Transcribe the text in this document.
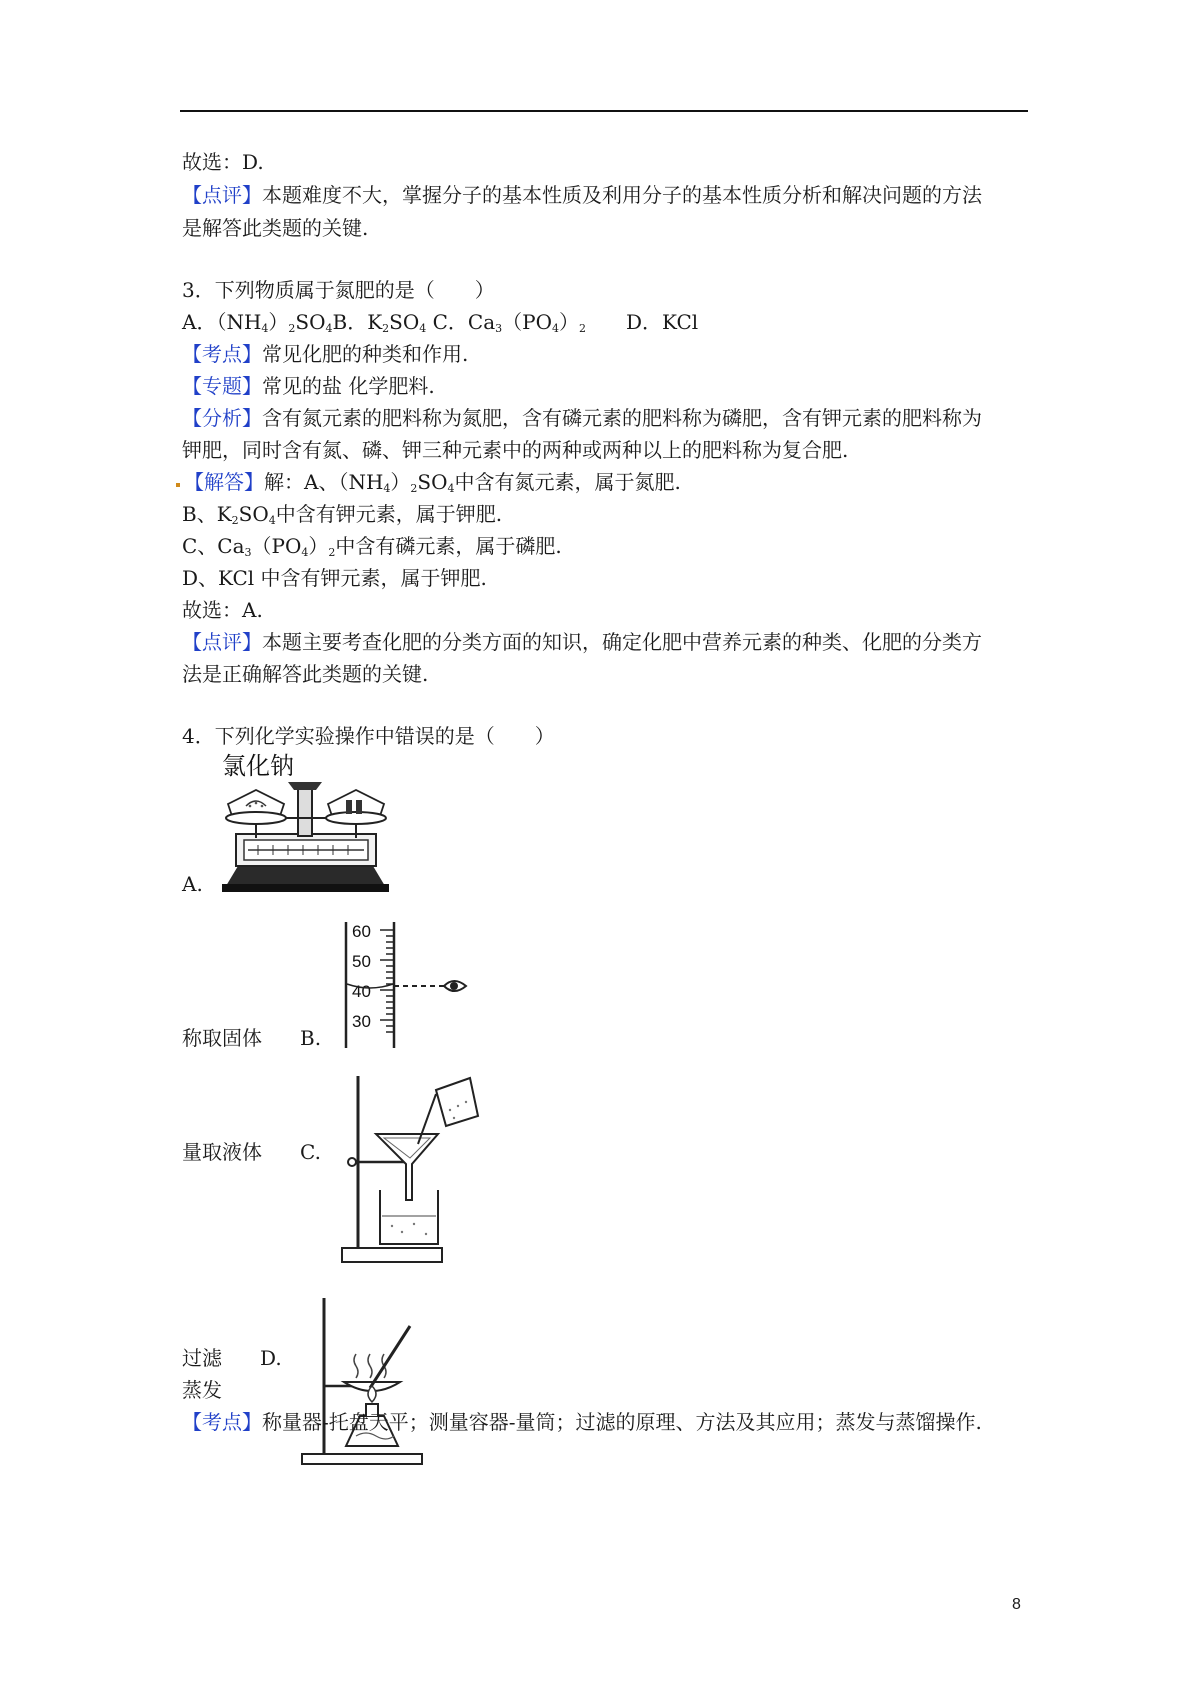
故选：D.
【点评】本题难度不大，掌握分子的基本性质及利用分子的基本性质分析和解决问题的方法
是解答此类题的关键.
3．下列物质属于氮肥的是（　　）
A．$(NH_4)_2SO_4B$．$K_2SO_4$ C．$Ca_3(PO_4)_2$ D．KCl
【考点】常见化肥的种类和作用.
【专题】常见的盐 化学肥料.
【分析】含有氮元素的肥料称为氮肥，含有磷元素的肥料称为磷肥，含有钾元素的肥料称为
钾肥，同时含有氮、磷、钾三种元素中的两种或两种以上的肥料称为复合肥.
【解答】解：A、$(NH_4)_2SO_4$中含有氮元素，属于氮肥.
B、$K_2SO_4$中含有钾元素，属于钾肥.
C、$Ca_3(PO_4)_2$中含有磷元素，属于磷肥.
D、KCl 中含有钾元素，属于钾肥.
故选：A.
【点评】本题主要考查化肥的分类方面的知识，确定化肥中营养元素的种类、化肥的分类方
法是正确解答此类题的关键.
4．下列化学实验操作中错误的是（　　）
氯化钠
A.
60
50
40
30
称取固体 B.
量取液体 C.
过滤 D.
蒸发
【考点】称量器-托盘天平；测量容器-量筒；过滤的原理、方法及其应用；蒸发与蒸馏操作.
8
